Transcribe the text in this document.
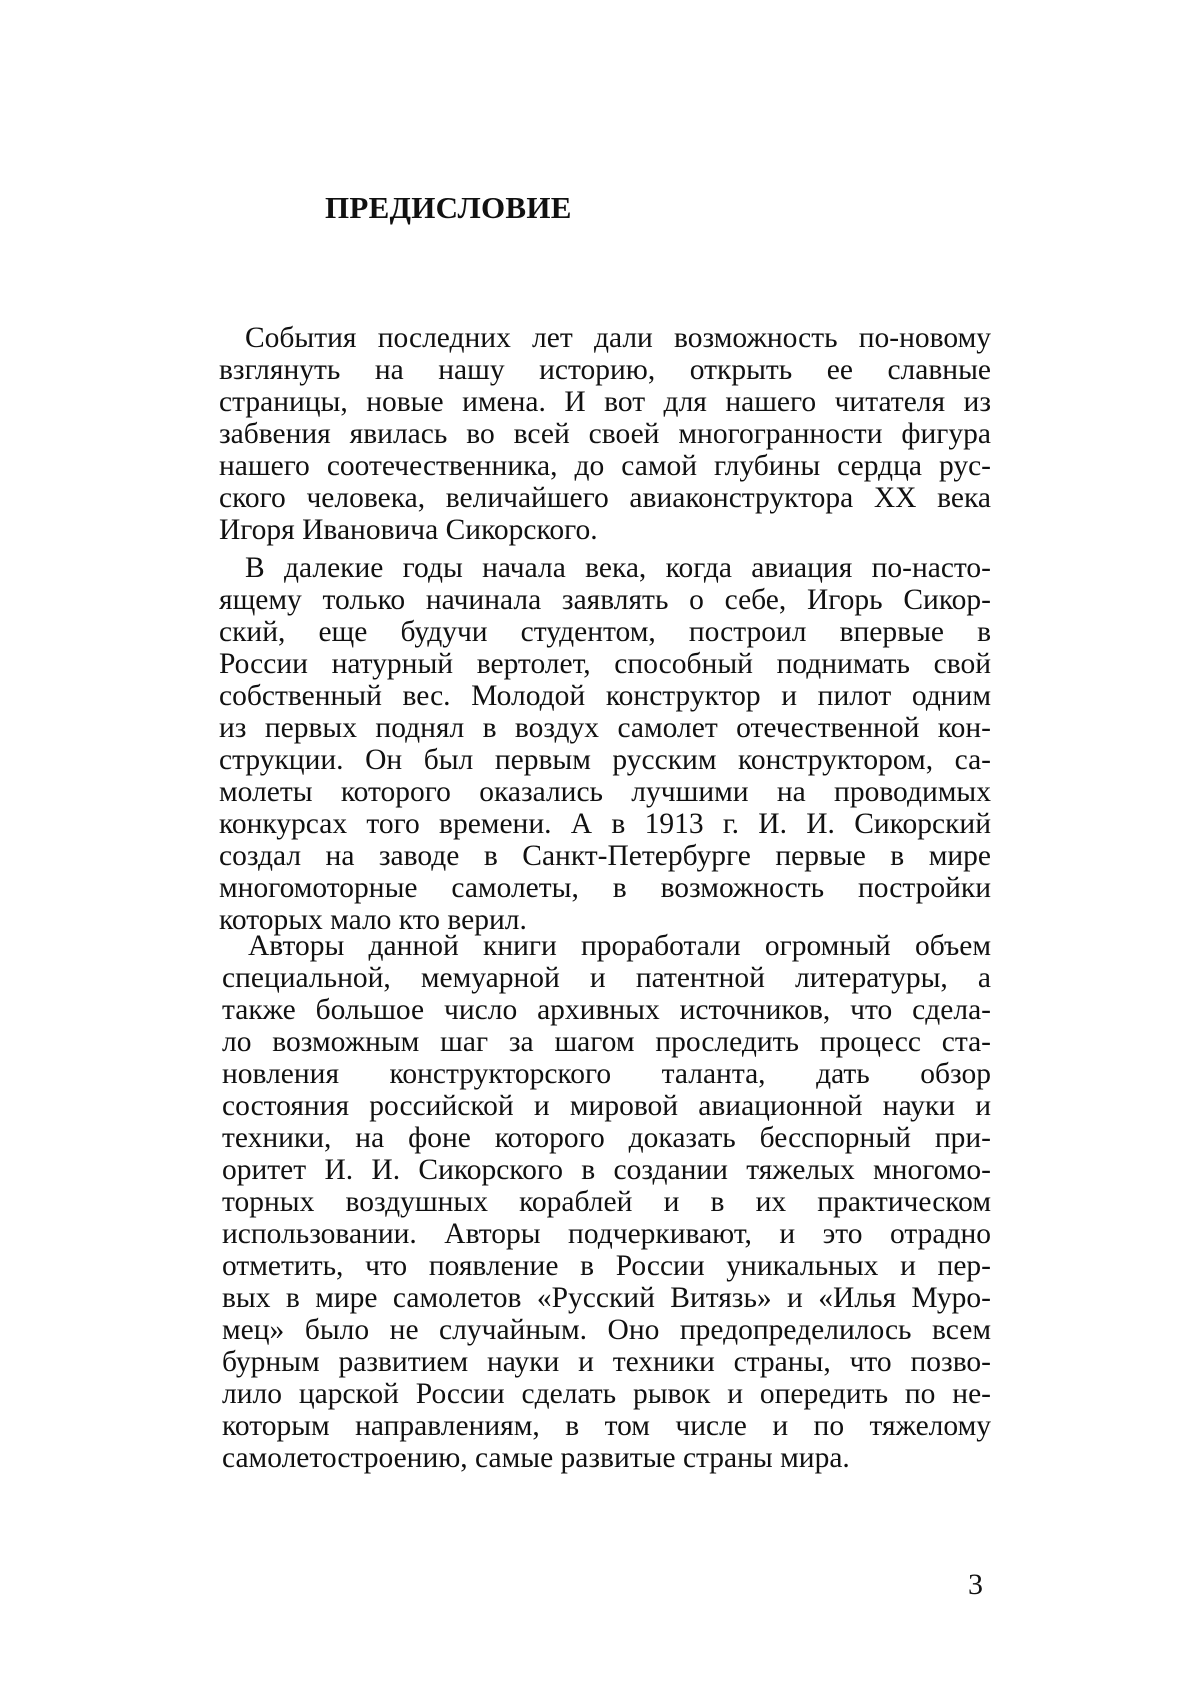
ПРЕДИСЛОВИЕ
События последних лет дали возможность по-новому
взглянуть на нашу историю, открыть ее славные
страницы, новые имена. И вот для нашего читателя из
забвения явилась во всей своей многогранности фигура
нашего соотечественника, до самой глубины сердца рус-
ского человека, величайшего авиаконструктора XX века
Игоря Ивановича Сикорского.
В далекие годы начала века, когда авиация по-насто-
ящему только начинала заявлять о себе, Игорь Сикор-
ский, еще будучи студентом, построил впервые в
России натурный вертолет, способный поднимать свой
собственный вес. Молодой конструктор и пилот одним
из первых поднял в воздух самолет отечественной кон-
струкции. Он был первым русским конструктором, са-
молеты которого оказались лучшими на проводимых
конкурсах того времени. А в 1913 г. И. И. Сикорский
создал на заводе в Санкт-Петербурге первые в мире
многомоторные самолеты, в возможность постройки
которых мало кто верил.
Авторы данной книги проработали огромный объем
специальной, мемуарной и патентной литературы, а
также большое число архивных источников, что сдела-
ло возможным шаг за шагом проследить процесс ста-
новления конструкторского таланта, дать обзор
состояния российской и мировой авиационной науки и
техники, на фоне которого доказать бесспорный при-
оритет И. И. Сикорского в создании тяжелых многомо-
торных воздушных кораблей и в их практическом
использовании. Авторы подчеркивают, и это отрадно
отметить, что появление в России уникальных и пер-
вых в мире самолетов «Русский Витязь» и «Илья Муро-
мец» было не случайным. Оно предопределилось всем
бурным развитием науки и техники страны, что позво-
лило царской России сделать рывок и опередить по не-
которым направлениям, в том числе и по тяжелому
самолетостроению, самые развитые страны мира.
3
